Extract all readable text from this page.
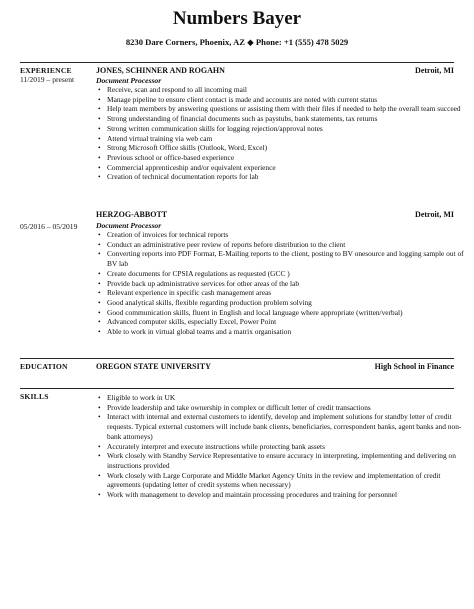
Numbers Bayer
8230 Dare Corners, Phoenix, AZ ◆ Phone: +1 (555) 478 5029
EXPERIENCE
11/2019 – present
JONES, SCHINNER AND ROGAHN	Detroit, MI
Document Processor
• Receive, scan and respond to all incoming mail
• Manage pipeline to ensure client contact is made and accounts are noted with current status
• Help team members by answering questions or assisting them with their files if needed to help the overall team succeed
• Strong understanding of financial documents such as paystubs, bank statements, tax returns
• Strong written communication skills for logging rejection/approval notes
• Attend virtual training via web cam
• Strong Microsoft Office skills (Outlook, Word, Excel)
• Previous school or office-based experience
• Commercial apprenticeship and/or equivalent experience
• Creation of technical documentation reports for lab
05/2016 – 05/2019
HERZOG-ABBOTT	Detroit, MI
Document Processor
• Creation of invoices for technical reports
• Conduct an administrative peer review of reports before distribution to the client
• Converting reports into PDF Format, E-Mailing reports to the client, posting to BV onesource and logging sample out of BV lab
• Create documents for CPSIA regulations as requested (GCC )
• Provide back up administrative services for other areas of the lab
• Relevant experience in specific cash management areas
• Good analytical skills, flexible regarding production problem solving
• Good communication skills, fluent in English and local language where appropriate (written/verbal)
• Advanced computer skills, especially Excel, Power Point
• Able to work in virtual global teams and a matrix organisation
EDUCATION	OREGON STATE UNIVERSITY	High School in Finance
SKILLS
•	Eligible to work in UK
• Provide leadership and take ownership in complex or difficult letter of credit transactions
• Interact with internal and external customers to identify, develop and implement solutions for standby letter of credit requests. Typical external customers will include bank clients, beneficiaries, correspondent banks, agent banks and non-bank attorneys)
• Accurately interpret and execute instructions while protecting bank assets
• Work closely with Standby Service Representative to ensure accuracy in interpreting, implementing and delivering on instructions provided
• Work closely with Large Corporate and Middle Market Agency Units in the review and implementation of credit agreements (updating letter of credit systems when necessary)
• Work with management to develop and maintain processing procedures and training for personnel
